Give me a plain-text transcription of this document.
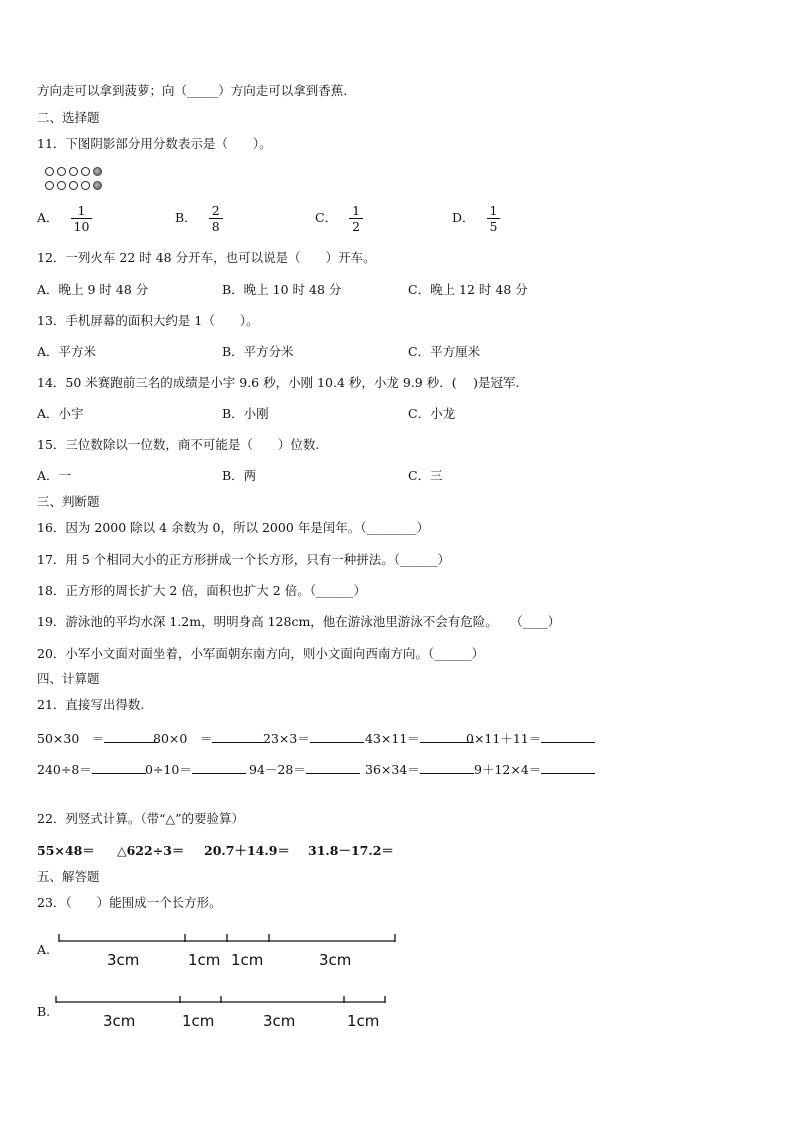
方向走可以拿到菠萝；向（_____）方向走可以拿到香蕉.
二、选择题
11．下图阴影部分用分数表示是（　　）。
A． $\frac{1}{10}$	B． $\frac{2}{8}$	C． $\frac{1}{2}$	D． $\frac{1}{5}$
12．一列火车 22 时 48 分开车，也可以说是（　　）开车。
A．晚上 9 时 48 分	B．晚上 10 时 48 分	C．晚上 12 时 48 分
13．手机屏幕的面积大约是 1（　　）。
A．平方米	B．平方分米	C．平方厘米
14．50 米赛跑前三名的成绩是小宇 9.6 秒，小刚 10.4 秒，小龙 9.9 秒．( 　)是冠军.
A．小宇	B．小刚	C．小龙
15．三位数除以一位数，商不可能是（　　）位数.
A．一	B．两	C．三
三、判断题
16．因为 2000 除以 4 余数为 0，所以 2000 年是闰年。（________）
17．用 5 个相同大小的正方形拼成一个长方形，只有一种拼法。（______）
18．正方形的周长扩大 2 倍，面积也扩大 2 倍。（______）
19．游泳池的平均水深 1.2m，明明身高 128cm，他在游泳池里游泳不会有危险。　　（____）
20．小军小文面对面坐着，小军面朝东南方向，则小文面向西南方向。（______）
四、计算题
21．直接写出得数.
50×30　＝	80×0　＝	23×3＝	43×11＝	0×11＋11＝
240÷8＝	0÷10＝	94－28＝	36×34＝	9＋12×4＝
22．列竖式计算。（带“△”的要验算）
55×48＝ △622÷3＝ 20.7＋14.9＝ 31.8－17.2＝
五、解答题
23．（　　）能围成一个长方形。
A.
3cm	1cm 1cm	3cm
B.
3cm	1cm	3cm	1cm
